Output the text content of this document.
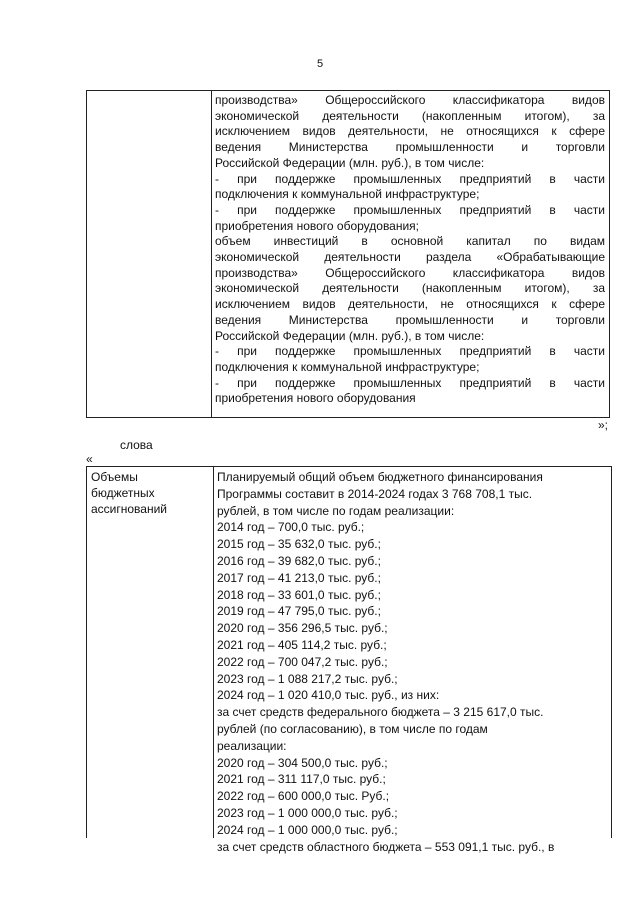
5
производства» Общероссийского классификатора видов
экономической деятельности (накопленным итогом), за
исключением видов деятельности, не относящихся к сфере
ведения Министерства промышленности и торговли
Российской Федерации (млн. руб.), в том числе:
- при поддержке промышленных предприятий в части
подключения к коммунальной инфраструктуре;
- при поддержке промышленных предприятий в части
приобретения нового оборудования;
объем инвестиций в основной капитал по видам
экономической деятельности раздела «Обрабатывающие
производства» Общероссийского классификатора видов
экономической деятельности (накопленным итогом), за
исключением видов деятельности, не относящихся к сфере
ведения Министерства промышленности и торговли
Российской Федерации (млн. руб.), в том числе:
- при поддержке промышленных предприятий в части
подключения к коммунальной инфраструктуре;
- при поддержке промышленных предприятий в части
приобретения нового оборудования
»;
слова
«
Объемы
бюджетных
ассигнований
Планируемый общий объем бюджетного финансирования
Программы составит в 2014-2024 годах 3 768 708,1 тыс.
рублей, в том числе по годам реализации:
2014 год – 700,0 тыс. руб.;
2015 год – 35 632,0 тыс. руб.;
2016 год – 39 682,0 тыс. руб.;
2017 год – 41 213,0 тыс. руб.;
2018 год – 33 601,0 тыс. руб.;
2019 год – 47 795,0 тыс. руб.;
2020 год – 356 296,5 тыс. руб.;
2021 год – 405 114,2 тыс. руб.;
2022 год – 700 047,2 тыс. руб.;
2023 год – 1 088 217,2 тыс. руб.;
2024 год – 1 020 410,0 тыс. руб., из них:
за счет средств федерального бюджета – 3 215 617,0 тыс.
рублей (по согласованию), в том числе по годам
реализации:
2020 год – 304 500,0 тыс. руб.;
2021 год – 311 117,0 тыс. руб.;
2022 год – 600 000,0 тыс. Руб.;
2023 год – 1 000 000,0 тыс. руб.;
2024 год – 1 000 000,0 тыс. руб.;
за счет средств областного бюджета – 553 091,1 тыс. руб., в
